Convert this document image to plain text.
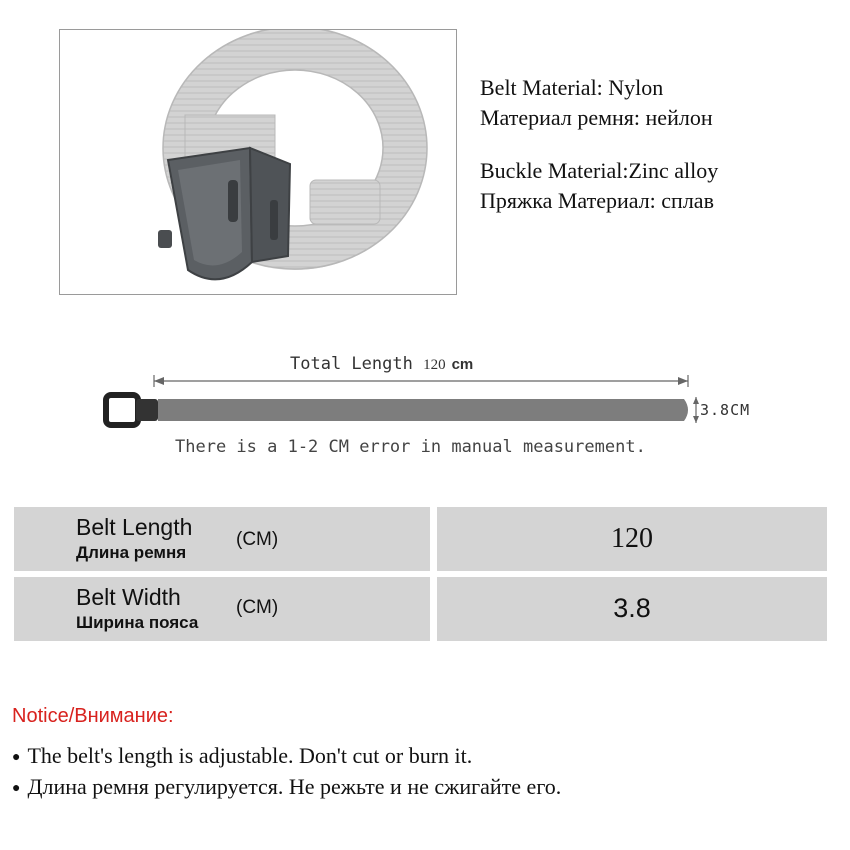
Belt Material: Nylon
Материал ремня: нейлон
Buckle Material:Zinc alloy
Пряжка Материал: сплав
Total Length 120 cm
3.8CM
There is a 1-2 CM error in manual measurement.
Belt Length
Длина ремня
(CM)	120
Belt Width
Ширина пояса
(CM)	3.8
Notice/Внимание:
● The belt's length is adjustable. Don't cut or burn it.
● Длина ремня регулируется. Не режьте и не сжигайте его.
